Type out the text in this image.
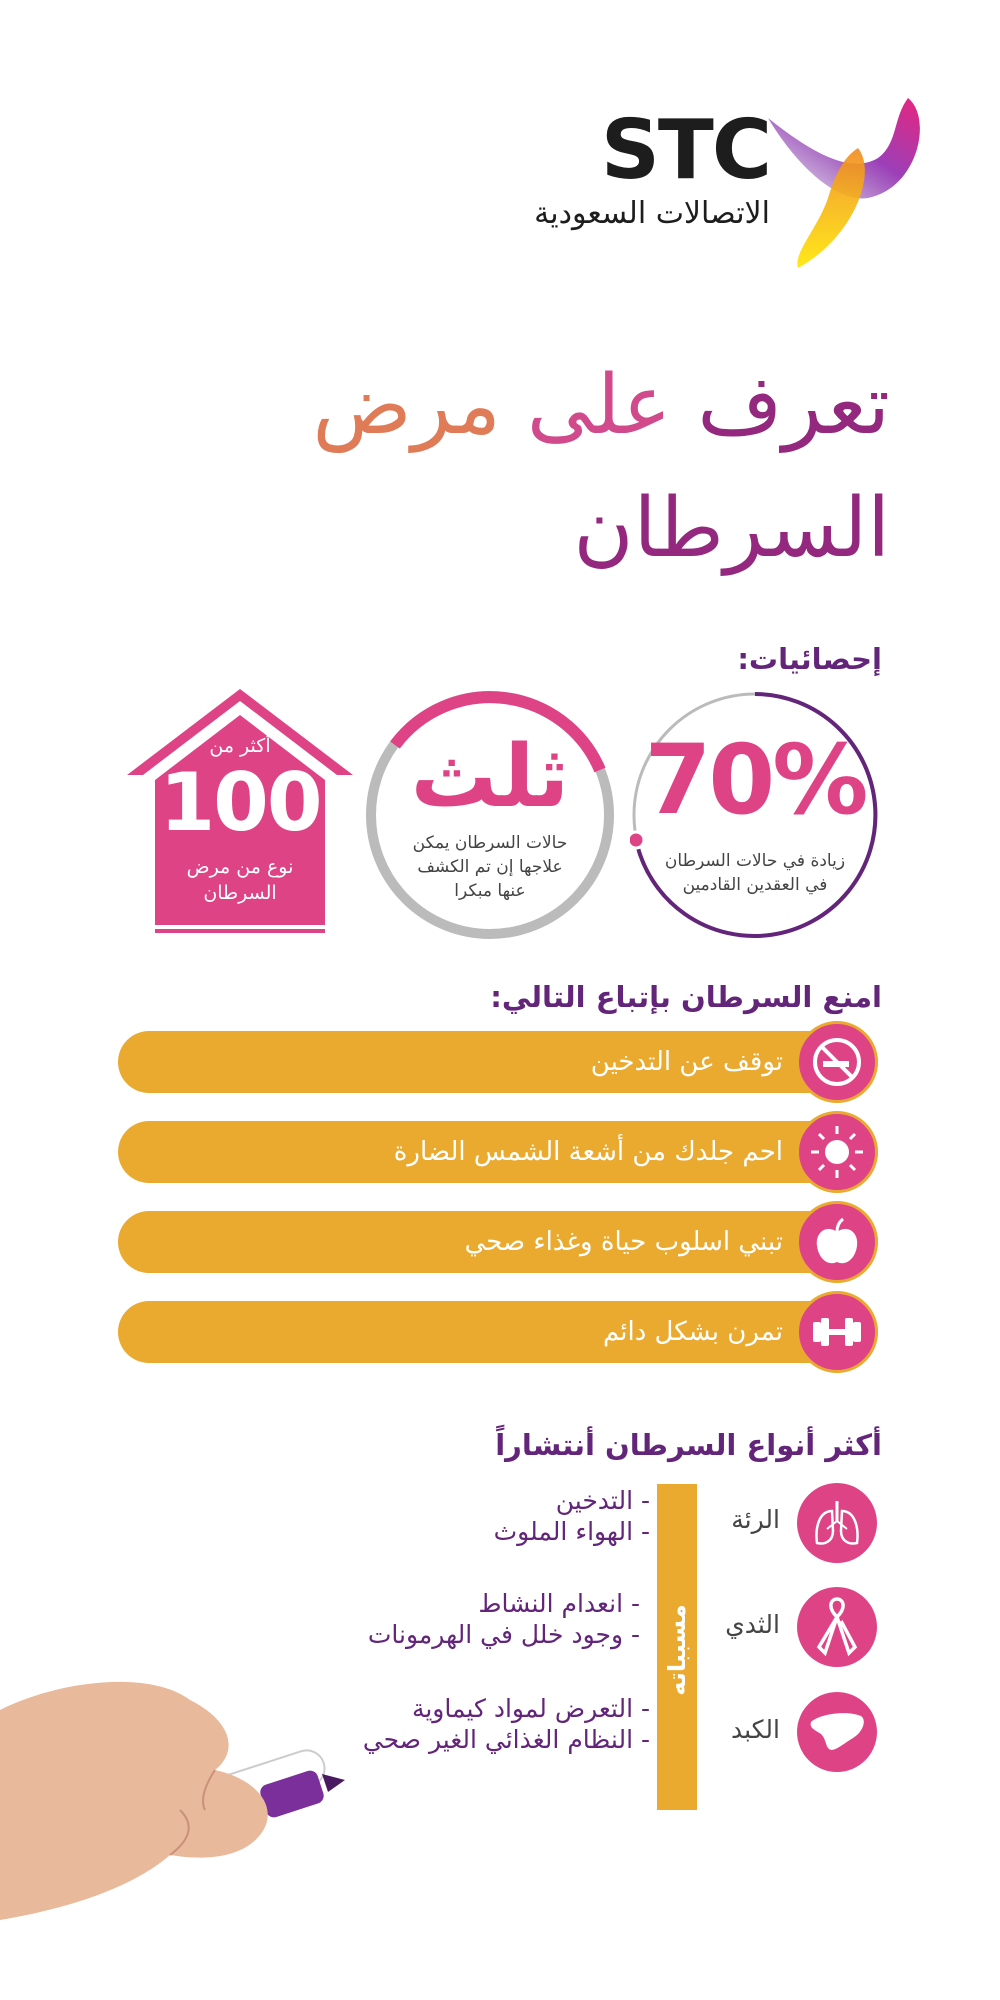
STC
الاتصالات السعودية
تعرف على مرض
السرطان
إحصائيات:
70%
زيادة في حالات السرطان
في العقدين القادمين
ثلث
حالات السرطان يمكن
علاجها إن تم الكشف
عنها مبكرا
أكثر من
100
نوع من مرض
السرطان
امنع السرطان بإتباع التالي:
توقف عن التدخين
احم جلدك من أشعة الشمس الضارة
تبني اسلوب حياة وغذاء صحي
تمرن بشكل دائم
أكثر أنواع السرطان أنتشاراً
مسبباته
الرئة
- التدخين
- الهواء الملوث
الثدي
- انعدام النشاط
- وجود خلل في الهرمونات
الكبد
- التعرض لمواد كيماوية
- النظام الغذائي الغير صحي
